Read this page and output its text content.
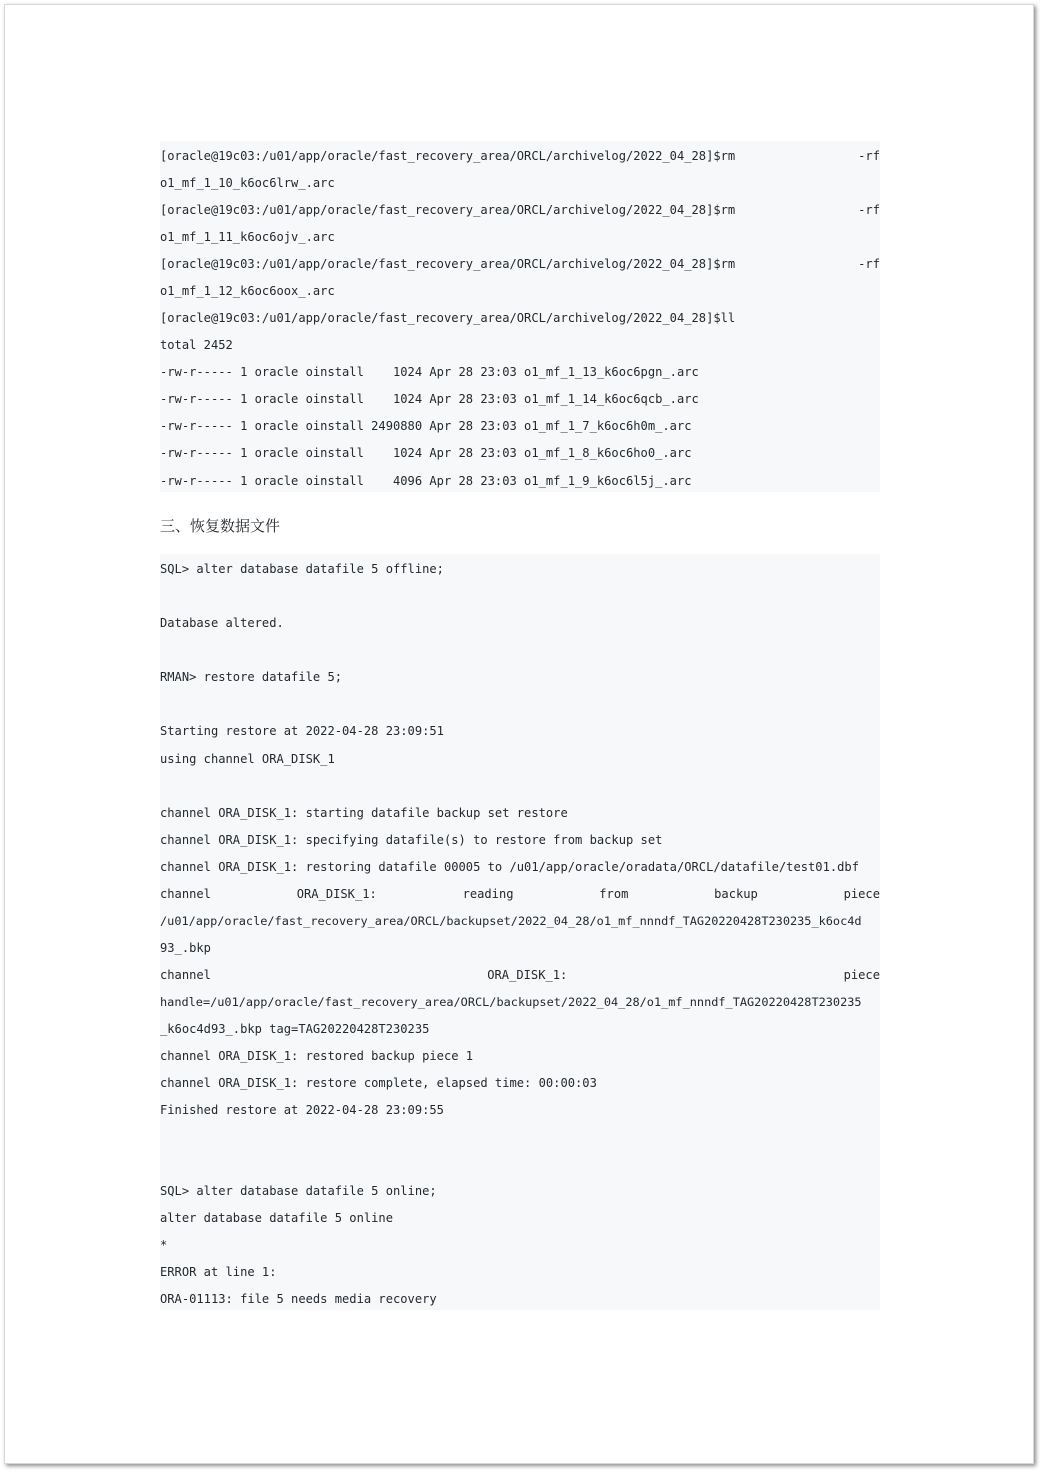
[oracle@19c03:/u01/app/oracle/fast_recovery_area/ORCL/archivelog/2022_04_28]$rm	-rf
o1_mf_1_10_k6oc6lrw_.arc
[oracle@19c03:/u01/app/oracle/fast_recovery_area/ORCL/archivelog/2022_04_28]$rm	-rf
o1_mf_1_11_k6oc6ojv_.arc
[oracle@19c03:/u01/app/oracle/fast_recovery_area/ORCL/archivelog/2022_04_28]$rm	-rf
o1_mf_1_12_k6oc6oox_.arc
[oracle@19c03:/u01/app/oracle/fast_recovery_area/ORCL/archivelog/2022_04_28]$ll
total 2452
-rw-r----- 1 oracle oinstall    1024 Apr 28 23:03 o1_mf_1_13_k6oc6pgn_.arc
-rw-r----- 1 oracle oinstall    1024 Apr 28 23:03 o1_mf_1_14_k6oc6qcb_.arc
-rw-r----- 1 oracle oinstall 2490880 Apr 28 23:03 o1_mf_1_7_k6oc6h0m_.arc
-rw-r----- 1 oracle oinstall    1024 Apr 28 23:03 o1_mf_1_8_k6oc6ho0_.arc
-rw-r----- 1 oracle oinstall    4096 Apr 28 23:03 o1_mf_1_9_k6oc6l5j_.arc
三、恢复数据文件
SQL> alter database datafile 5 offline;
Database altered.
RMAN> restore datafile 5;
Starting restore at 2022-04-28 23:09:51
using channel ORA_DISK_1
channel ORA_DISK_1: starting datafile backup set restore
channel ORA_DISK_1: specifying datafile(s) to restore from backup set
channel ORA_DISK_1: restoring datafile 00005 to /u01/app/oracle/oradata/ORCL/datafile/test01.dbf
channel	ORA_DISK_1:	reading	from	backup	piece
/u01/app/oracle/fast_recovery_area/ORCL/backupset/2022_04_28/o1_mf_nnndf_TAG20220428T230235_k6oc4d
93_.bkp
channel	ORA_DISK_1:	piece
handle=/u01/app/oracle/fast_recovery_area/ORCL/backupset/2022_04_28/o1_mf_nnndf_TAG20220428T230235
_k6oc4d93_.bkp tag=TAG20220428T230235
channel ORA_DISK_1: restored backup piece 1
channel ORA_DISK_1: restore complete, elapsed time: 00:00:03
Finished restore at 2022-04-28 23:09:55
SQL> alter database datafile 5 online;
alter database datafile 5 online
*
ERROR at line 1:
ORA-01113: file 5 needs media recovery
